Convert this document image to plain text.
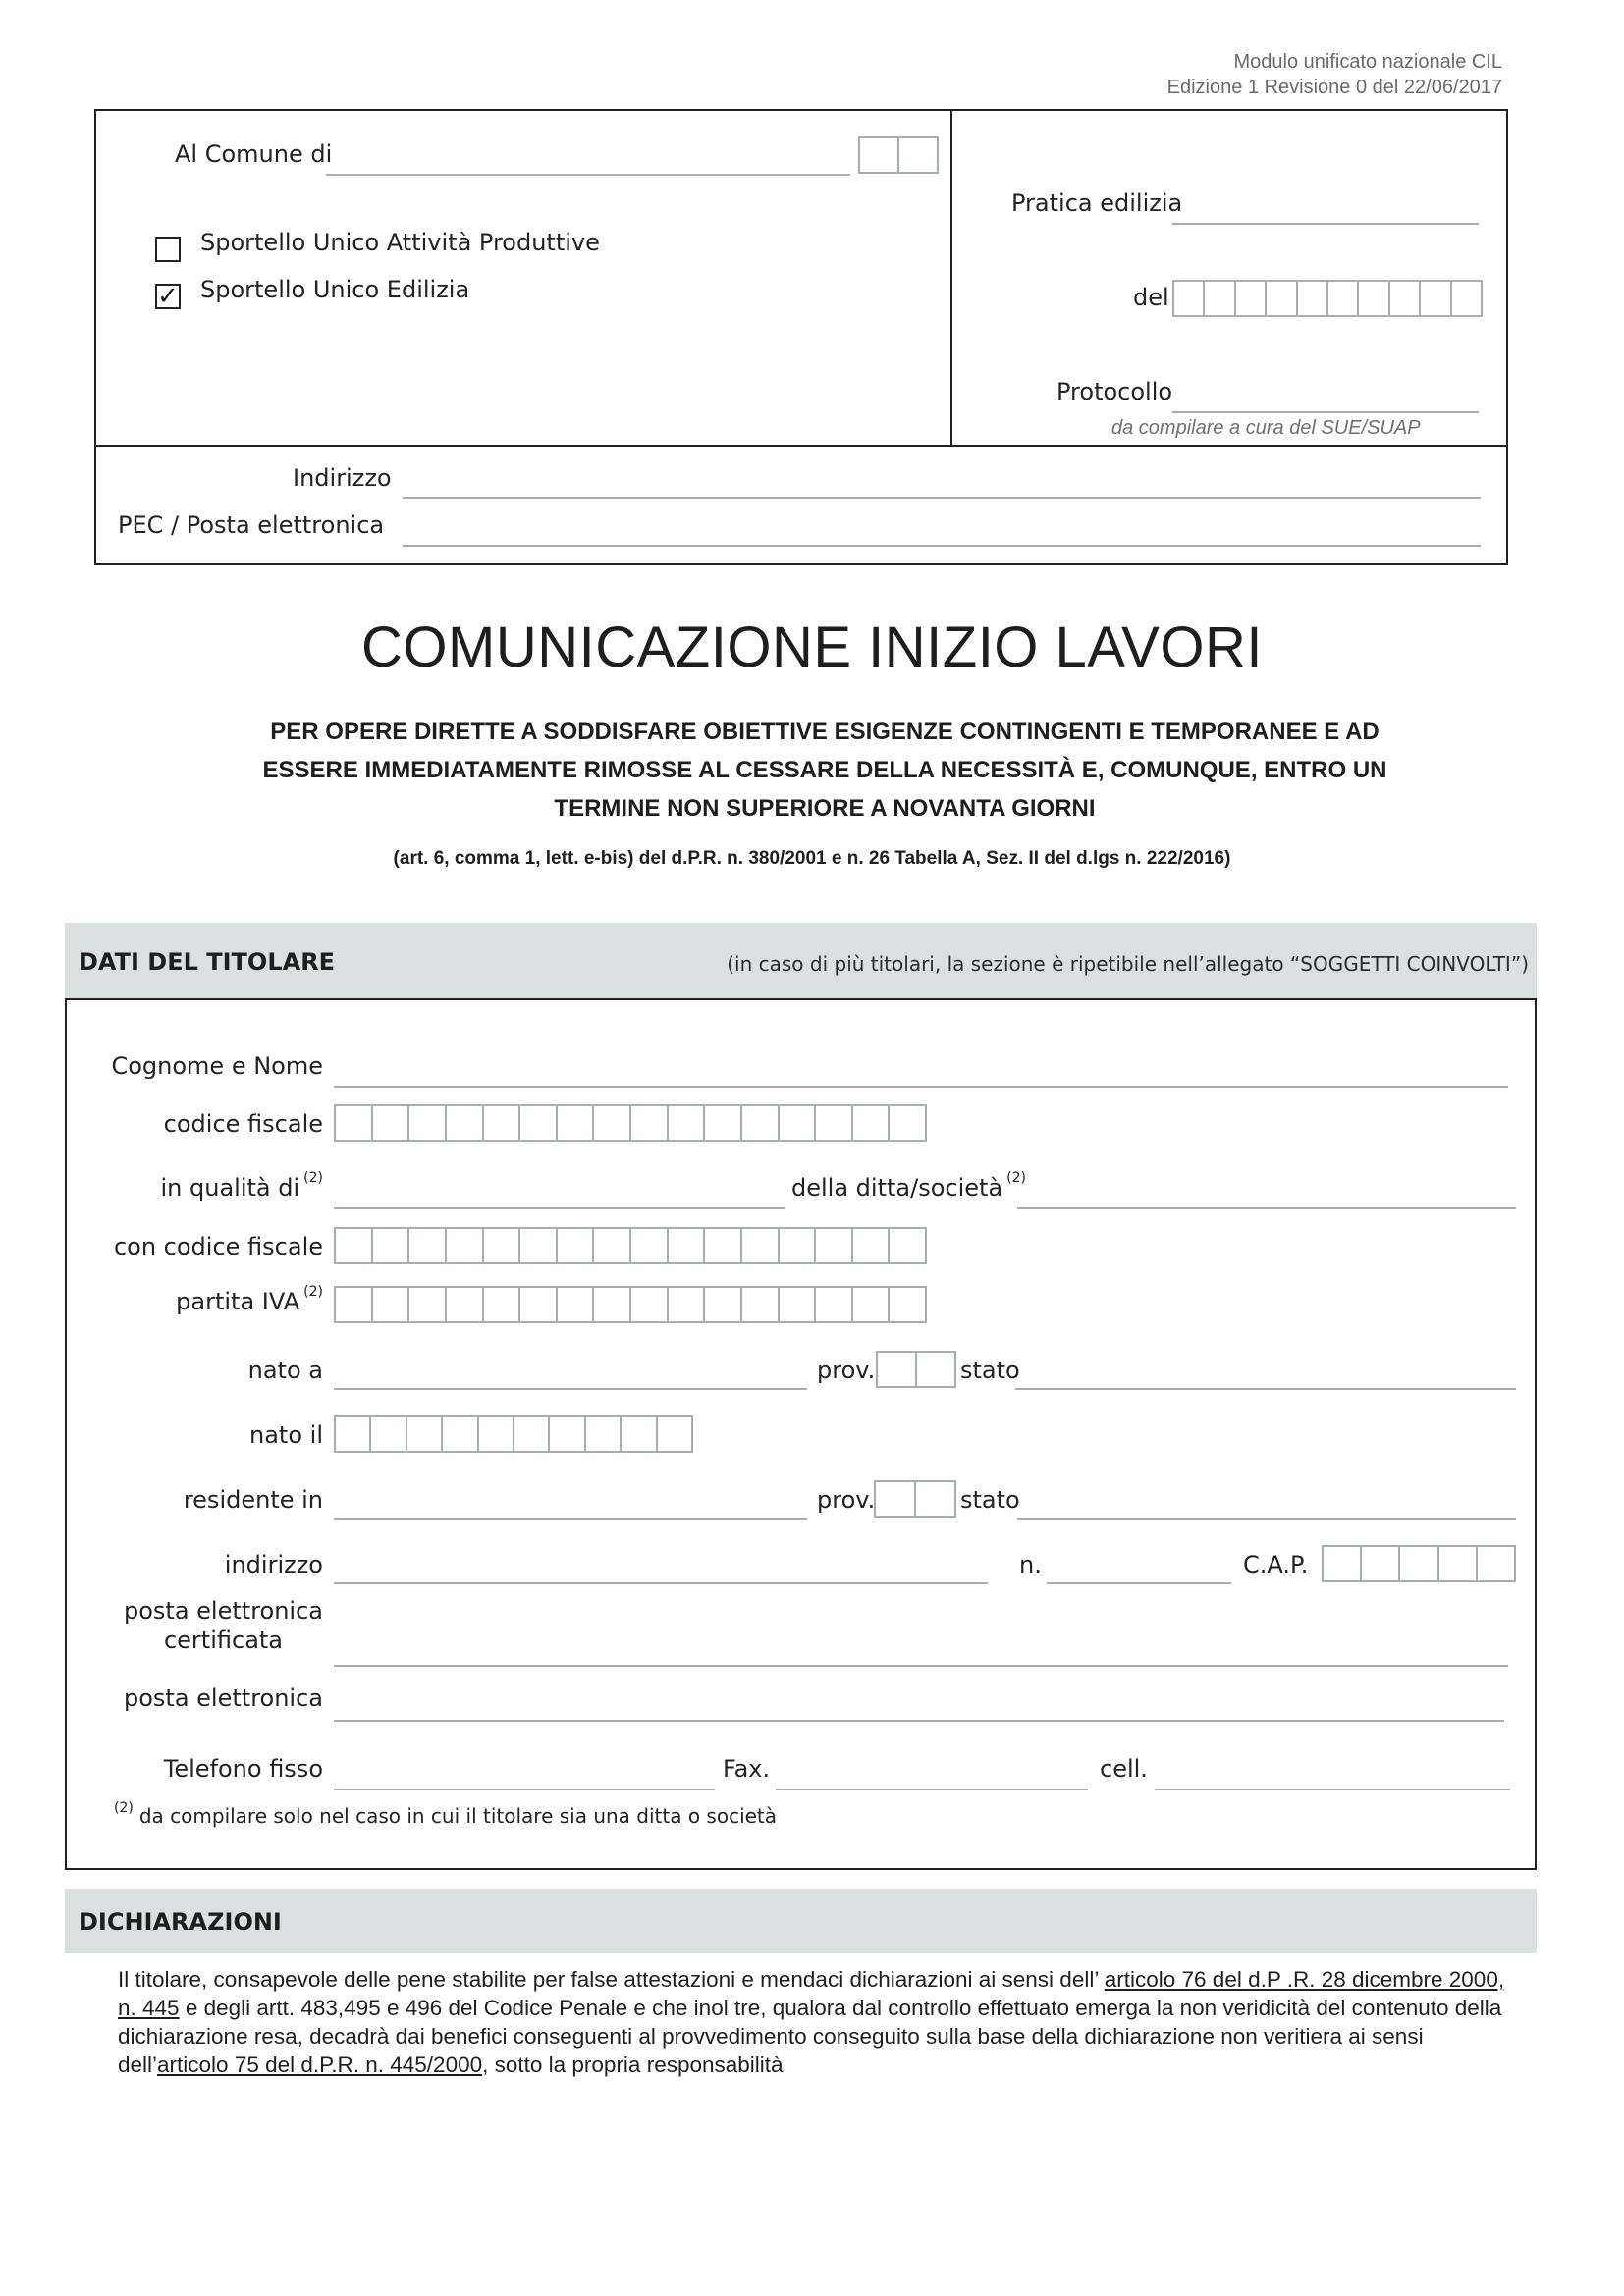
Modulo unificato nazionale CIL
Edizione 1 Revisione 0 del 22/06/2017
Al Comune di
Sportello Unico Attività Produttive
✓ Sportello Unico Edilizia
Pratica edilizia
del
Protocollo
da compilare a cura del SUE/SUAP
Indirizzo
PEC / Posta elettronica
COMUNICAZIONE INIZIO LAVORI
PER OPERE DIRETTE A SODDISFARE OBIETTIVE ESIGENZE CONTINGENTI E TEMPORANEE E AD
ESSERE IMMEDIATAMENTE RIMOSSE AL CESSARE DELLA NECESSITÀ E, COMUNQUE, ENTRO UN
TERMINE NON SUPERIORE A NOVANTA GIORNI
(art. 6, comma 1, lett. e-bis) del d.P.R. n. 380/2001 e n. 26 Tabella A, Sez. II del d.lgs n. 222/2016)
DATI DEL TITOLARE	(in caso di più titolari, la sezione è ripetibile nell’allegato “SOGGETTI COINVOLTI”)
Cognome e Nome
codice fiscale
in qualità di $^{(2)}$	della ditta/società $^{(2)}$
con codice fiscale
partita IVA $^{(2)}$
nato a	prov.	stato
nato il
residente in	prov.	stato
indirizzo	n.	C.A.P.
posta elettronica
certificata
posta elettronica
Telefono fisso	Fax.	cell.
$^{(2)}$ da compilare solo nel caso in cui il titolare sia una ditta o società
DICHIARAZIONI
Il titolare, consapevole delle pene stabilite per false attestazioni e mendaci dichiarazioni ai sensi dell’ articolo 76 del d.P .R. 28 dicembre 2000, n. 445 e degli artt. 483,495 e 496 del Codice Penale e che inol tre, qualora dal controllo effettuato emerga la non veridicità del contenuto della dichiarazione resa, decadrà dai benefici conseguenti al provvedimento conseguito sulla base della dichiarazione non veritiera ai sensi dell’articolo 75 del d.P.R. n. 445/2000, sotto la propria responsabilità
